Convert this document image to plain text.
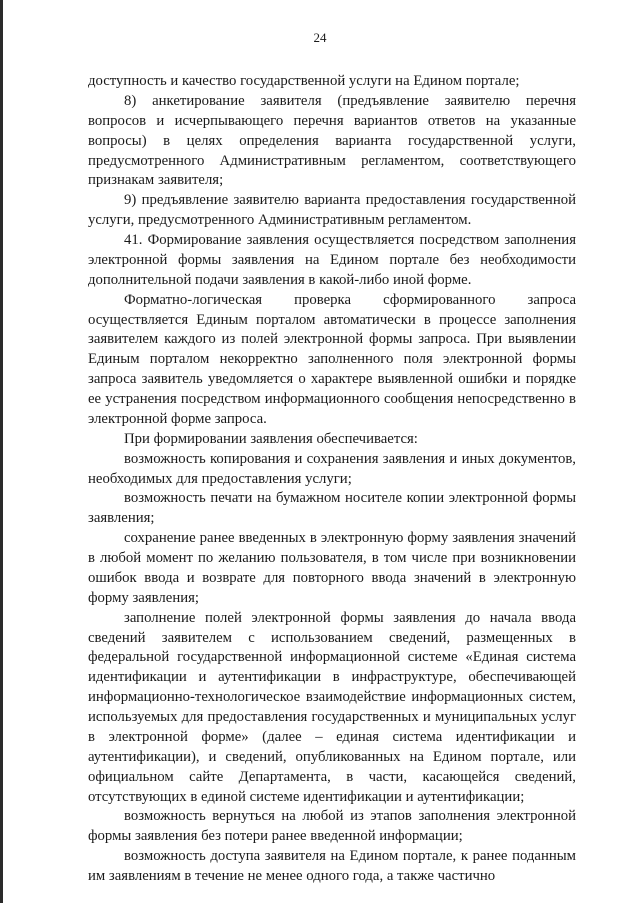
24

доступность и качество государственной услуги на Едином портале;

8) анкетирование заявителя (предъявление заявителю перечня вопросов и исчерпывающего перечня вариантов ответов на указанные вопросы) в целях определения варианта государственной услуги, предусмотренного Административным регламентом, соответствующего признакам заявителя;

9) предъявление заявителю варианта предоставления государственной услуги, предусмотренного Административным регламентом.

41. Формирование заявления осуществляется посредством заполнения электронной формы заявления на Едином портале без необходимости дополнительной подачи заявления в какой-либо иной форме.

Форматно-логическая проверка сформированного запроса осуществляется Единым порталом автоматически в процессе заполнения заявителем каждого из полей электронной формы запроса. При выявлении Единым порталом некорректно заполненного поля электронной формы запроса заявитель уведомляется о характере выявленной ошибки и порядке ее устранения посредством информационного сообщения непосредственно в электронной форме запроса.

При формировании заявления обеспечивается:

возможность копирования и сохранения заявления и иных документов, необходимых для предоставления услуги;

возможность печати на бумажном носителе копии электронной формы заявления;

сохранение ранее введенных в электронную форму заявления значений в любой момент по желанию пользователя, в том числе при возникновении ошибок ввода и возврате для повторного ввода значений в электронную форму заявления;

заполнение полей электронной формы заявления до начала ввода сведений заявителем с использованием сведений, размещенных в федеральной государственной информационной системе «Единая система идентификации и аутентификации в инфраструктуре, обеспечивающей информационно-технологическое взаимодействие информационных систем, используемых для предоставления государственных и муниципальных услуг в электронной форме» (далее – единая система идентификации и аутентификации), и сведений, опубликованных на Едином портале, или официальном сайте Департамента, в части, касающейся сведений, отсутствующих в единой системе идентификации и аутентификации;

возможность вернуться на любой из этапов заполнения электронной формы заявления без потери ранее введенной информации;

возможность доступа заявителя на Едином портале, к ранее поданным им заявлениям в течение не менее одного года, а также частично
